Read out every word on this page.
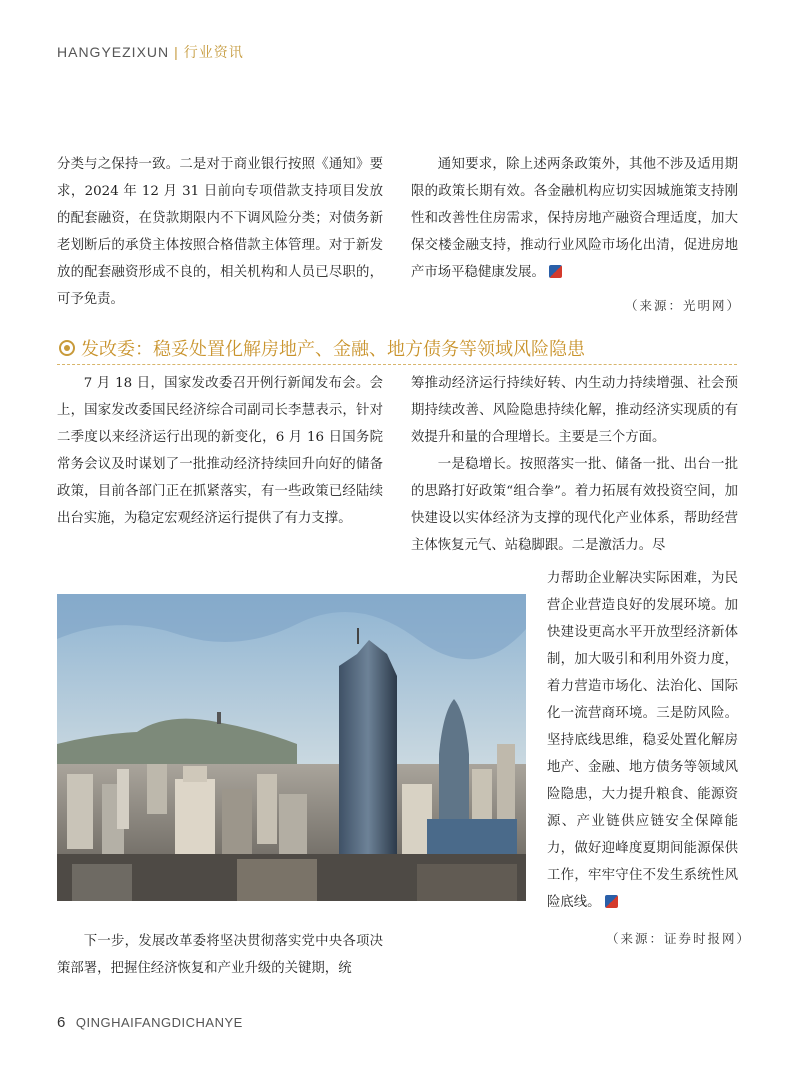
HANGYEZIXUN | 行业资讯

分类与之保持一致。二是对于商业银行按照《通知》要求，2024 年 12 月 31 日前向专项借款支持项目发放的配套融资，在贷款期限内不下调风险分类；对债务新老划断后的承贷主体按照合格借款主体管理。对于新发放的配套融资形成不良的，相关机构和人员已尽职的，可予免责。

通知要求，除上述两条政策外，其他不涉及适用期限的政策长期有效。各金融机构应切实因城施策支持刚性和改善性住房需求，保持房地产融资合理适度，加大保交楼金融支持，推动行业风险市场化出清，促进房地产市场平稳健康发展。

（来源：光明网）
发改委：稳妥处置化解房地产、金融、地方债务等领域风险隐患

7 月 18 日，国家发改委召开例行新闻发布会。会上，国家发改委国民经济综合司副司长李慧表示，针对二季度以来经济运行出现的新变化，6 月 16 日国务院常务会议及时谋划了一批推动经济持续回升向好的储备政策，目前各部门正在抓紧落实，有一些政策已经陆续出台实施，为稳定宏观经济运行提供了有力支撑。

筹推动经济运行持续好转、内生动力持续增强、社会预期持续改善、风险隐患持续化解，推动经济实现质的有效提升和量的合理增长。主要是三个方面。

一是稳增长。按照落实一批、储备一批、出台一批的思路打好政策“组合拳”。着力拓展有效投资空间，加快建设以实体经济为支撑的现代化产业体系，帮助经营主体恢复元气、站稳脚跟。二是激活力。尽

力帮助企业解决实际困难，为民营企业营造良好的发展环境。加快建设更高水平开放型经济新体制，加大吸引和利用外资力度，着力营造市场化、法治化、国际化一流营商环境。三是防风险。坚持底线思维，稳妥处置化解房地产、金融、地方债务等领域风险隐患，大力提升粮食、能源资源、产业链供应链安全保障能力，做好迎峰度夏期间能源保供工作，牢牢守住不发生系统性风险底线。

（来源：证券时报网）

下一步，发展改革委将坚决贯彻落实党中央各项决策部署，把握住经济恢复和产业升级的关键期，统

6 QINGHAIFANGDICHANYE
